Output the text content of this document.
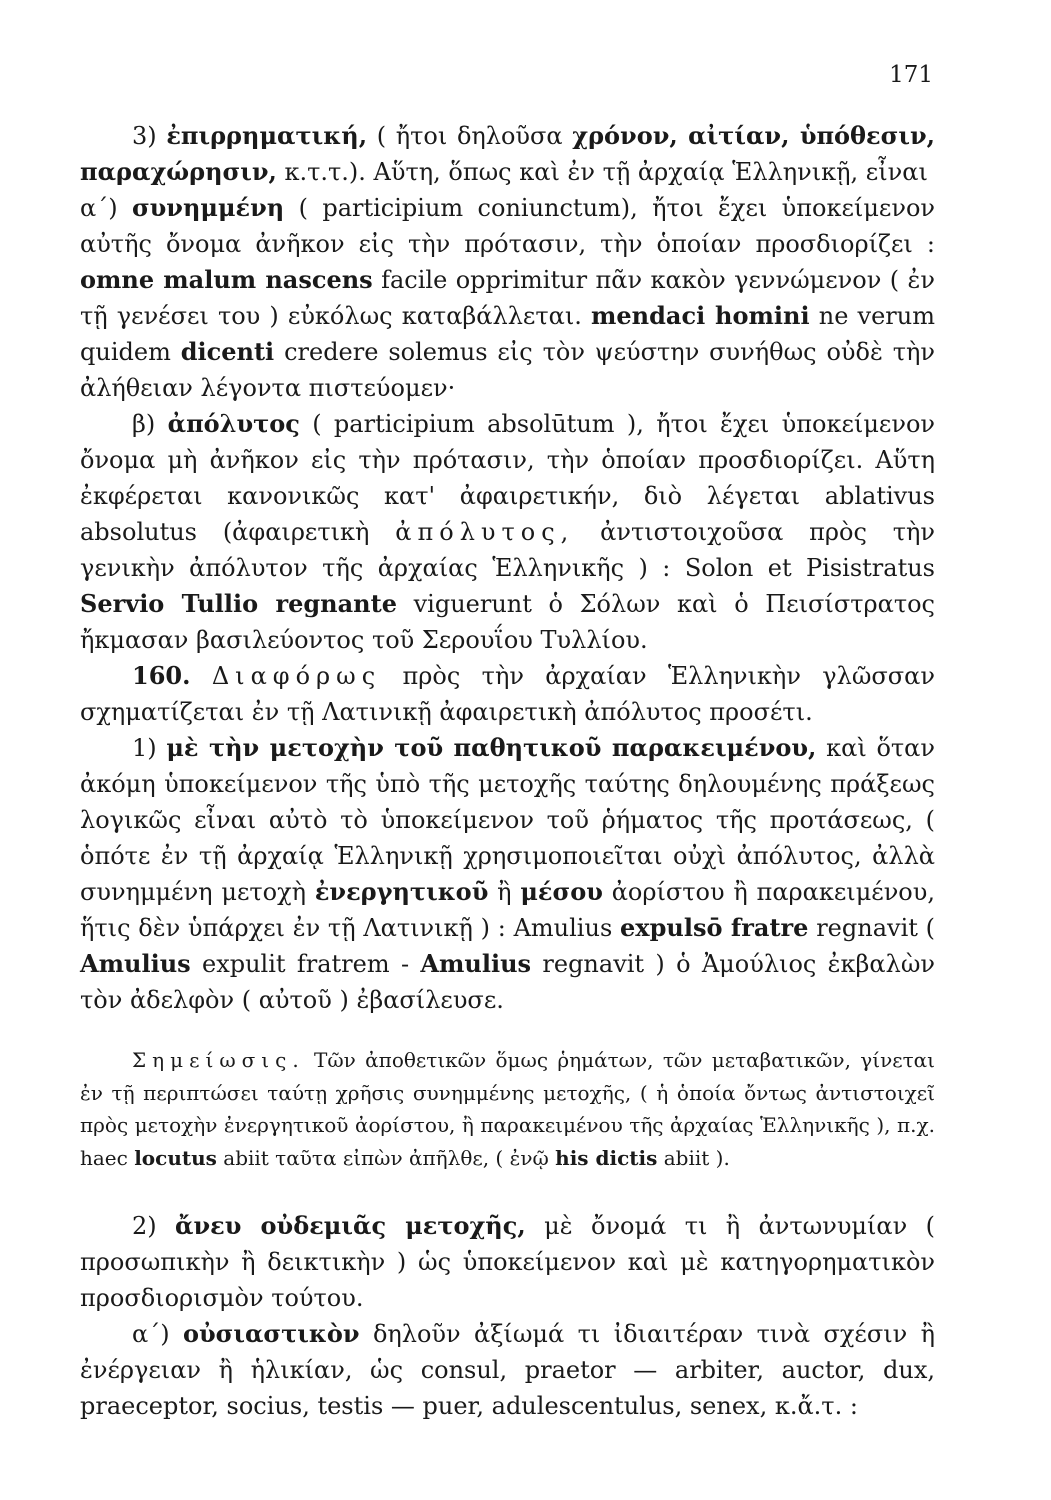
171

3) ἐπιρρηματική, ( ἤτοι δηλοῦσα χρόνον, αἰτίαν, ὑπόθεσιν, παραχώρησιν, κ.τ.τ.). Αὕτη, ὅπως καὶ ἐν τῇ ἀρχαίᾳ Ἑλληνικῇ, εἶναι

α΄) συνημμένη ( participium coniunctum), ἤτοι ἔχει ὑποκείμενον αὐτῆς ὄνομα ἀνῆκον εἰς τὴν πρότασιν, τὴν ὁποίαν προσδιορίζει : omne malum nascens facile opprimitur πᾶν κακὸν γεννώμενον ( ἐν τῇ γενέσει του ) εὐκόλως καταβάλλεται. mendaci homini ne verum quidem dicenti credere solemus εἰς τὸν ψεύστην συνήθως οὐδὲ τὴν ἀλήθειαν λέγοντα πιστεύομεν·

β) ἀπόλυτος ( participium absolūtum ), ἤτοι ἔχει ὑποκείμενον ὄνομα μὴ ἀνῆκον εἰς τὴν πρότασιν, τὴν ὁποίαν προσδιορίζει. Αὕτη ἐκφέρεται κανονικῶς κατ' ἀφαιρετικήν, διὸ λέγεται ablativus absolutus (ἀφαιρετικὴ ἀπόλυτος, ἀντιστοιχοῦσα πρὸς τὴν γενικὴν ἀπόλυτον τῆς ἀρχαίας Ἑλληνικῆς ) : Solon et Pisistratus Servio Tullio regnante viguerunt ὁ Σόλων καὶ ὁ Πεισίστρατος ἤκμασαν βασιλεύοντος τοῦ Σερουΐου Τυλλίου.

160. Διαφόρως πρὸς τὴν ἀρχαίαν Ἑλληνικὴν γλῶσσαν σχηματίζεται ἐν τῇ Λατινικῇ ἀφαιρετικὴ ἀπόλυτος προσέτι.

1) μὲ τὴν μετοχὴν τοῦ παθητικοῦ παρακειμένου, καὶ ὅταν ἀκόμη ὑποκείμενον τῆς ὑπὸ τῆς μετοχῆς ταύτης δηλουμένης πράξεως λογικῶς εἶναι αὐτὸ τὸ ὑποκείμενον τοῦ ῥήματος τῆς προτάσεως, ( ὁπότε ἐν τῇ ἀρχαίᾳ Ἑλληνικῇ χρησιμοποιεῖται οὐχὶ ἀπόλυτος, ἀλλὰ συνημμένη μετοχὴ ἐνεργητικοῦ ἢ μέσου ἀορίστου ἢ παρακειμένου, ἥτις δὲν ὑπάρχει ἐν τῇ Λατινικῇ ) : Amulius expulsō fratre regnavit ( Amulius expulit fratrem - Amulius regnavit ) ὁ Ἀμούλιος ἐκβαλὼν τὸν ἀδελφὸν ( αὐτοῦ ) ἐβασίλευσε.

Σημείωσις. Τῶν ἀποθετικῶν ὅμως ῥημάτων, τῶν μεταβατικῶν, γίνεται ἐν τῇ περιπτώσει ταύτῃ χρῆσις συνημμένης μετοχῆς, ( ἡ ὁποία ὄντως ἀντιστοιχεῖ πρὸς μετοχὴν ἐνεργητικοῦ ἀορίστου, ἢ παρακειμένου τῆς ἀρχαίας Ἑλληνικῆς ), π.χ. haec locutus abiit ταῦτα εἰπὼν ἀπῆλθε, ( ἐνῷ his dictis abiit ).

2) ἄνευ οὐδεμιᾶς μετοχῆς, μὲ ὄνομά τι ἢ ἀντωνυμίαν ( προσωπικὴν ἢ δεικτικὴν ) ὡς ὑποκείμενον καὶ μὲ κατηγορηματικὸν προσδιορισμὸν τούτου.

α΄) οὐσιαστικὸν δηλοῦν ἀξίωμά τι ἰδιαιτέραν τινὰ σχέσιν ἢ ἐνέργειαν ἢ ἡλικίαν, ὡς consul, praetor — arbiter, auctor, dux, praeceptor, socius, testis — puer, adulescentulus, senex, κ.ἄ.τ. :
